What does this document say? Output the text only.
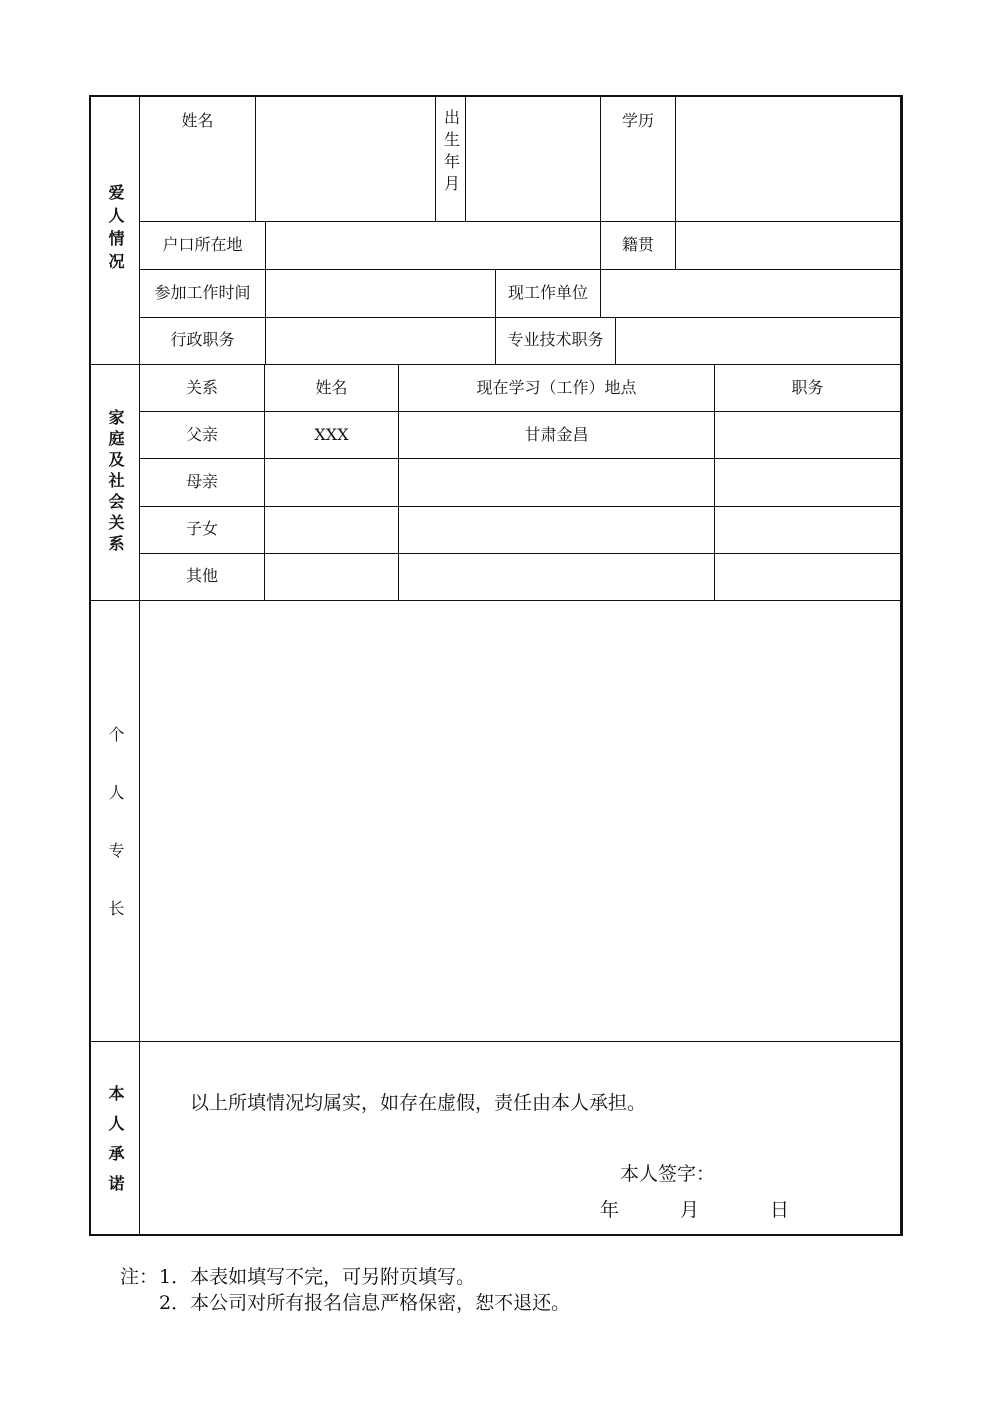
爱人情况
姓名	出生年月	学历
户口所在地	籍贯
参加工作时间	现工作单位
行政职务	专业技术职务
家庭及社会关系
关系	姓名	现在学习（工作）地点	职务
父亲	XXX	甘肃金昌
母亲
子女
其他
个人专长
本人承诺	以上所填情况均属实，如存在虚假，责任由本人承担。
本人签字：
年	月	日
注： 1．本表如填写不完，可另附页填写。
2．本公司对所有报名信息严格保密，恕不退还。
